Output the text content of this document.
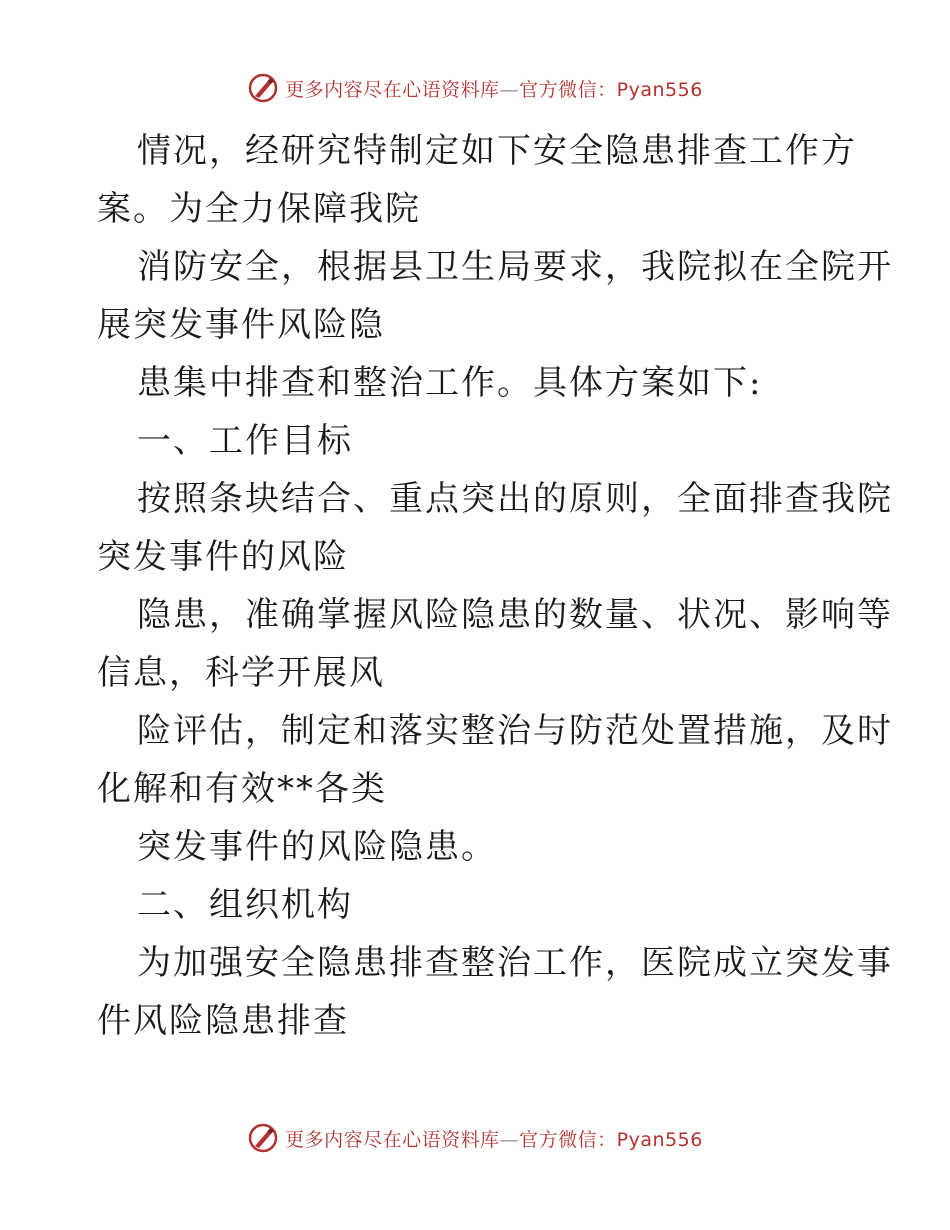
更多内容尽在心语资料库—官方微信：Pyan556
情况，经研究特制定如下安全隐患排查工作方
案。为全力保障我院
消防安全，根据县卫生局要求，我院拟在全院开
展突发事件风险隐
患集中排查和整治工作。具体方案如下:
一、工作目标
按照条块结合、重点突出的原则，全面排查我院
突发事件的风险
隐患，准确掌握风险隐患的数量、状况、影响等
信息，科学开展风
险评估，制定和落实整治与防范处置措施，及时
化解和有效**各类
突发事件的风险隐患。
二、组织机构
为加强安全隐患排查整治工作，医院成立突发事
件风险隐患排查
更多内容尽在心语资料库—官方微信：Pyan556
